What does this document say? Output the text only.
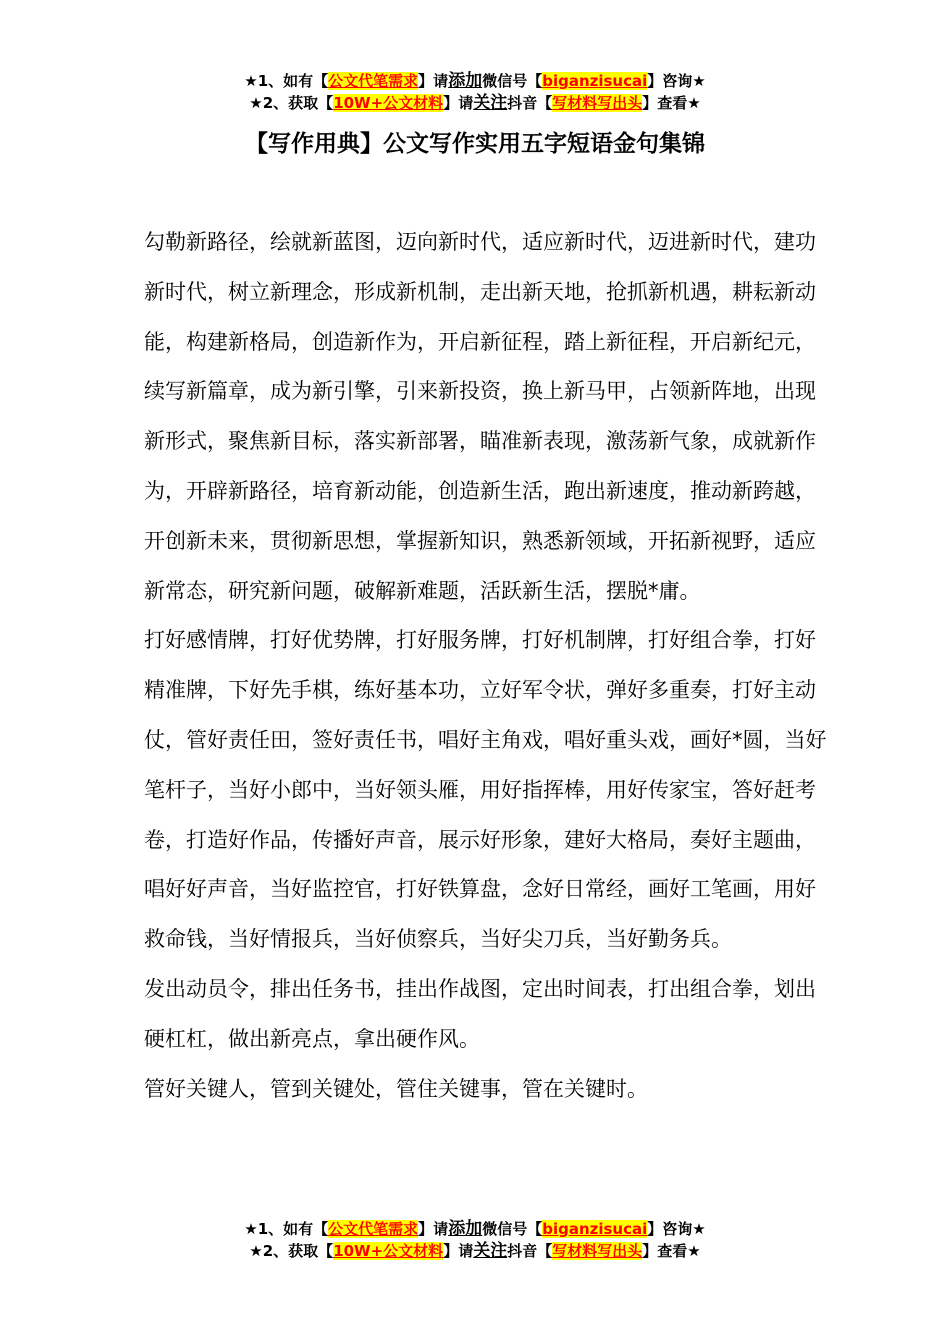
★1、如有【公文代笔需求】请添加微信号【biganzisucai】咨询★
★2、获取【10W+公文材料】请关注抖音【写材料写出头】查看★
【写作用典】公文写作实用五字短语金句集锦

勾勒新路径，绘就新蓝图，迈向新时代，适应新时代，迈进新时代，建功新时代，树立新理念，形成新机制，走出新天地，抢抓新机遇，耕耘新动能，构建新格局，创造新作为，开启新征程，踏上新征程，开启新纪元，续写新篇章，成为新引擎，引来新投资，换上新马甲，占领新阵地，出现新形式，聚焦新目标，落实新部署，瞄准新表现，激荡新气象，成就新作为，开辟新路径，培育新动能，创造新生活，跑出新速度，推动新跨越，开创新未来，贯彻新思想，掌握新知识，熟悉新领域，开拓新视野，适应新常态，研究新问题，破解新难题，活跃新生活，摆脱*庸。

打好感情牌，打好优势牌，打好服务牌，打好机制牌，打好组合拳，打好精准牌，下好先手棋，练好基本功，立好军令状，弹好多重奏，打好主动仗，管好责任田，签好责任书，唱好主角戏，唱好重头戏，画好*圆，当好笔杆子，当好小郎中，当好领头雁，用好指挥棒，用好传家宝，答好赶考卷，打造好作品，传播好声音，展示好形象，建好大格局，奏好主题曲，唱好好声音，当好监控官，打好铁算盘，念好日常经，画好工笔画，用好救命钱，当好情报兵，当好侦察兵，当好尖刀兵，当好勤务兵。

发出动员令，排出任务书，挂出作战图，定出时间表，打出组合拳，划出硬杠杠，做出新亮点，拿出硬作风。

管好关键人，管到关键处，管住关键事，管在关键时。

★1、如有【公文代笔需求】请添加微信号【biganzisucai】咨询★
★2、获取【10W+公文材料】请关注抖音【写材料写出头】查看★
